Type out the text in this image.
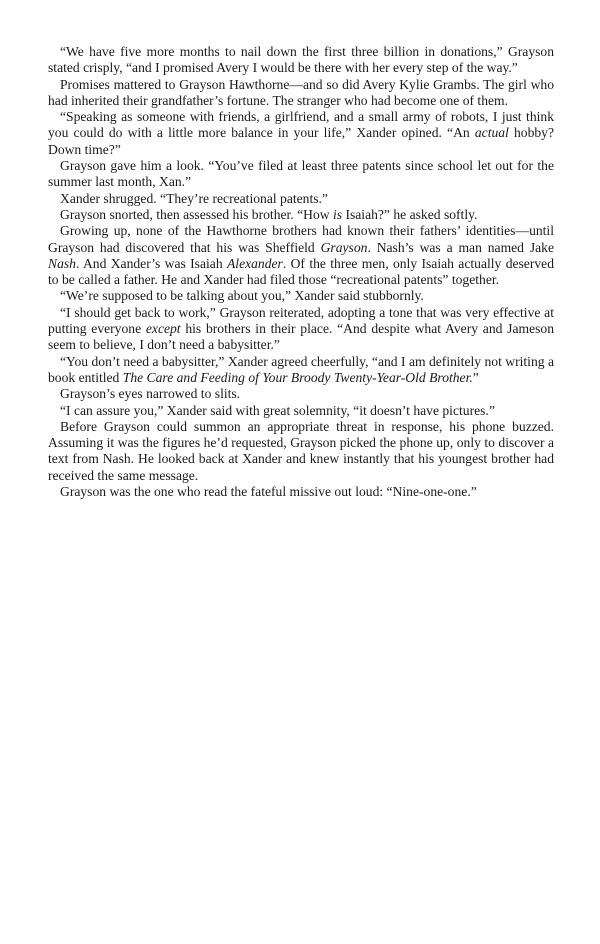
“We have five more months to nail down the first three billion in donations,” Grayson stated crisply, “and I promised Avery I would be there with her every step of the way.”

Promises mattered to Grayson Hawthorne—and so did Avery Kylie Grambs. The girl who had inherited their grandfather’s fortune. The stranger who had become one of them.

“Speaking as someone with friends, a girlfriend, and a small army of robots, I just think you could do with a little more balance in your life,” Xander opined. “An actual hobby? Down time?”

Grayson gave him a look. “You’ve filed at least three patents since school let out for the summer last month, Xan.”

Xander shrugged. “They’re recreational patents.”

Grayson snorted, then assessed his brother. “How is Isaiah?” he asked softly.

Growing up, none of the Hawthorne brothers had known their fathers’ identities—until Grayson had discovered that his was Sheffield Grayson. Nash’s was a man named Jake Nash. And Xander’s was Isaiah Alexander. Of the three men, only Isaiah actually deserved to be called a father. He and Xander had filed those “recreational patents” together.

“We’re supposed to be talking about you,” Xander said stubbornly.

“I should get back to work,” Grayson reiterated, adopting a tone that was very effective at putting everyone except his brothers in their place. “And despite what Avery and Jameson seem to believe, I don’t need a babysitter.”

“You don’t need a babysitter,” Xander agreed cheerfully, “and I am definitely not writing a book entitled The Care and Feeding of Your Broody Twenty-Year-Old Brother.”

Grayson’s eyes narrowed to slits.

“I can assure you,” Xander said with great solemnity, “it doesn’t have pictures.”

Before Grayson could summon an appropriate threat in response, his phone buzzed. Assuming it was the figures he’d requested, Grayson picked the phone up, only to discover a text from Nash. He looked back at Xander and knew instantly that his youngest brother had received the same message.

Grayson was the one who read the fateful missive out loud: “Nine-one-one.”
